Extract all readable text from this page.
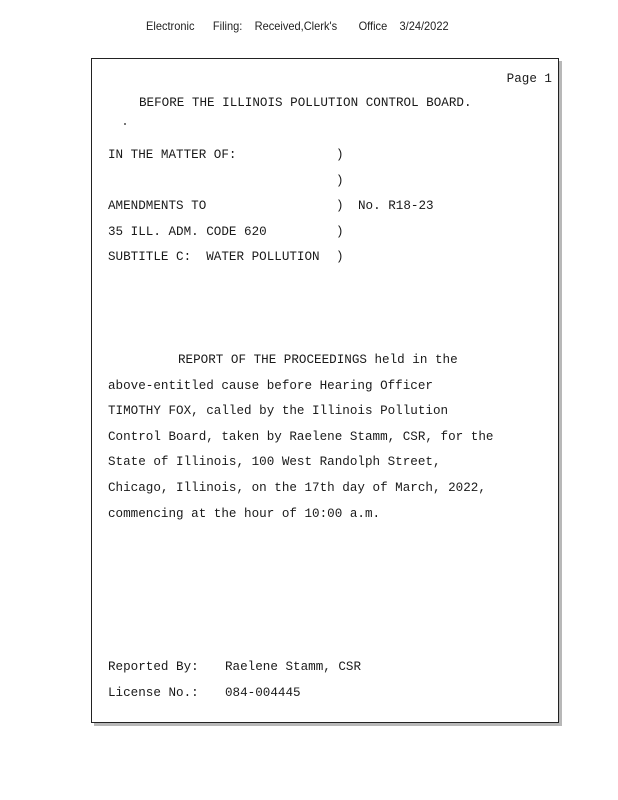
Electronic Filing: Received,Clerk's Office 3/24/2022
Page 1
BEFORE THE ILLINOIS POLLUTION CONTROL BOARD.
IN THE MATTER OF:	)
)
AMENDMENTS TO	) No. R18-23
35 ILL. ADM. CODE 620	)
SUBTITLE C:  WATER POLLUTION )
REPORT OF THE PROCEEDINGS held in the
above-entitled cause before Hearing Officer
TIMOTHY FOX, called by the Illinois Pollution
Control Board, taken by Raelene Stamm, CSR, for the
State of Illinois, 100 West Randolph Street,
Chicago, Illinois, on the 17th day of March, 2022,
commencing at the hour of 10:00 a.m.
Reported By: Raelene Stamm, CSR
License No.: 084-004445
